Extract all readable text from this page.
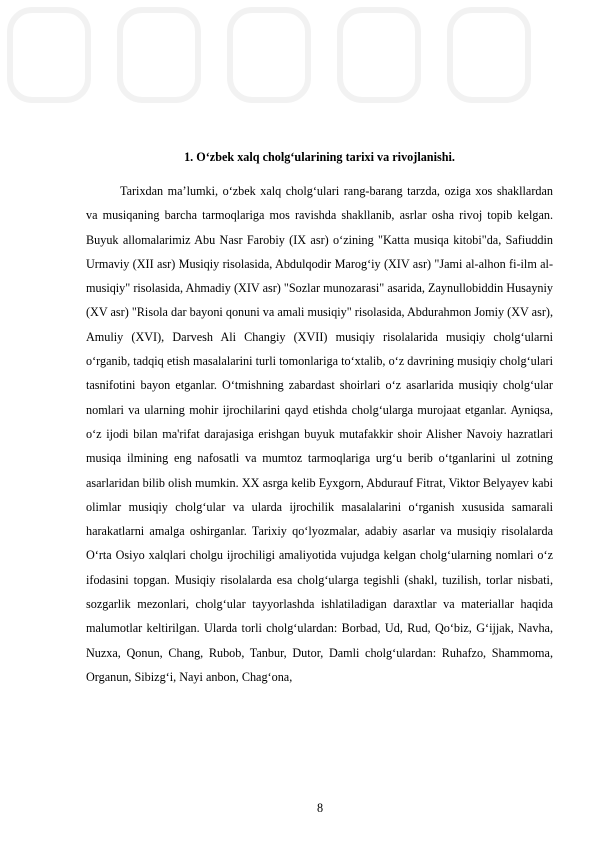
1. O‘zbek xalq cholg‘ularining tarixi va rivojlanishi.

Tarixdan ma’lumki, o‘zbek xalq cholg‘ulari rang-barang tarzda, oziga xos shakllardan va musiqaning barcha tarmoqlariga mos ravishda shakllanib, asrlar osha rivoj topib kelgan. Buyuk allomalarimiz Abu Nasr Farobiy (IX asr) o‘zining "Katta musiqa kitobi"da, Safiuddin Urmaviy (XII asr) Musiqiy risolasida, Abdulqodir Marog‘iy (XIV asr) "Jami al-alhon fi-ilm al-musiqiy" risolasida, Ahmadiy (XIV asr) "Sozlar munozarasi" asarida, Zaynullobiddin Husayniy (XV asr) "Risola dar bayoni qonuni va amali musiqiy" risolasida, Abdurahmon Jomiy (XV asr), Amuliy (XVI), Darvesh Ali Changiy (XVII) musiqiy risolalarida musiqiy cholg‘ularni o‘rganib, tadqiq etish masalalarini turli tomonlariga to‘xtalib, o‘z davrining musiqiy cholg‘ulari tasnifotini bayon etganlar. O‘tmishning zabardast shoirlari o‘z asarlarida musiqiy cholg‘ular nomlari va ularning mohir ijrochilarini qayd etishda cholg‘ularga murojaat etganlar. Ayniqsa, o‘z ijodi bilan ma'rifat darajasiga erishgan buyuk mutafakkir shoir Alisher Navoiy hazratlari musiqa ilmining eng nafosatli va mumtoz tarmoqlariga urg‘u berib o‘tganlarini ul zotning asarlaridan bilib olish mumkin. XX asrga kelib Eyxgorn, Abdurauf Fitrat, Viktor Belyayev kabi olimlar musiqiy cholg‘ular va ularda ijrochilik masalalarini o‘rganish xususida samarali harakatlarni amalga oshirganlar. Tarixiy qo‘lyozmalar, adabiy asarlar va musiqiy risolalarda O‘rta Osiyo xalqlari cholgu ijrochiligi amaliyotida vujudga kelgan cholg‘ularning nomlari o‘z ifodasini topgan. Musiqiy risolalarda esa cholg‘ularga tegishli (shakl, tuzilish, torlar nisbati, sozgarlik mezonlari, cholg‘ular tayyorlashda ishlatiladigan daraxtlar va materiallar haqida malumotlar keltirilgan. Ularda torli cholg‘ulardan: Borbad, Ud, Rud, Qo‘biz, G‘ijjak, Navha, Nuzxa, Qonun, Chang, Rubob, Tanbur, Dutor, Damli cholg‘ulardan: Ruhafzo, Shammoma, Organun, Sibizg‘i, Nayi anbon, Chag‘ona,

8
